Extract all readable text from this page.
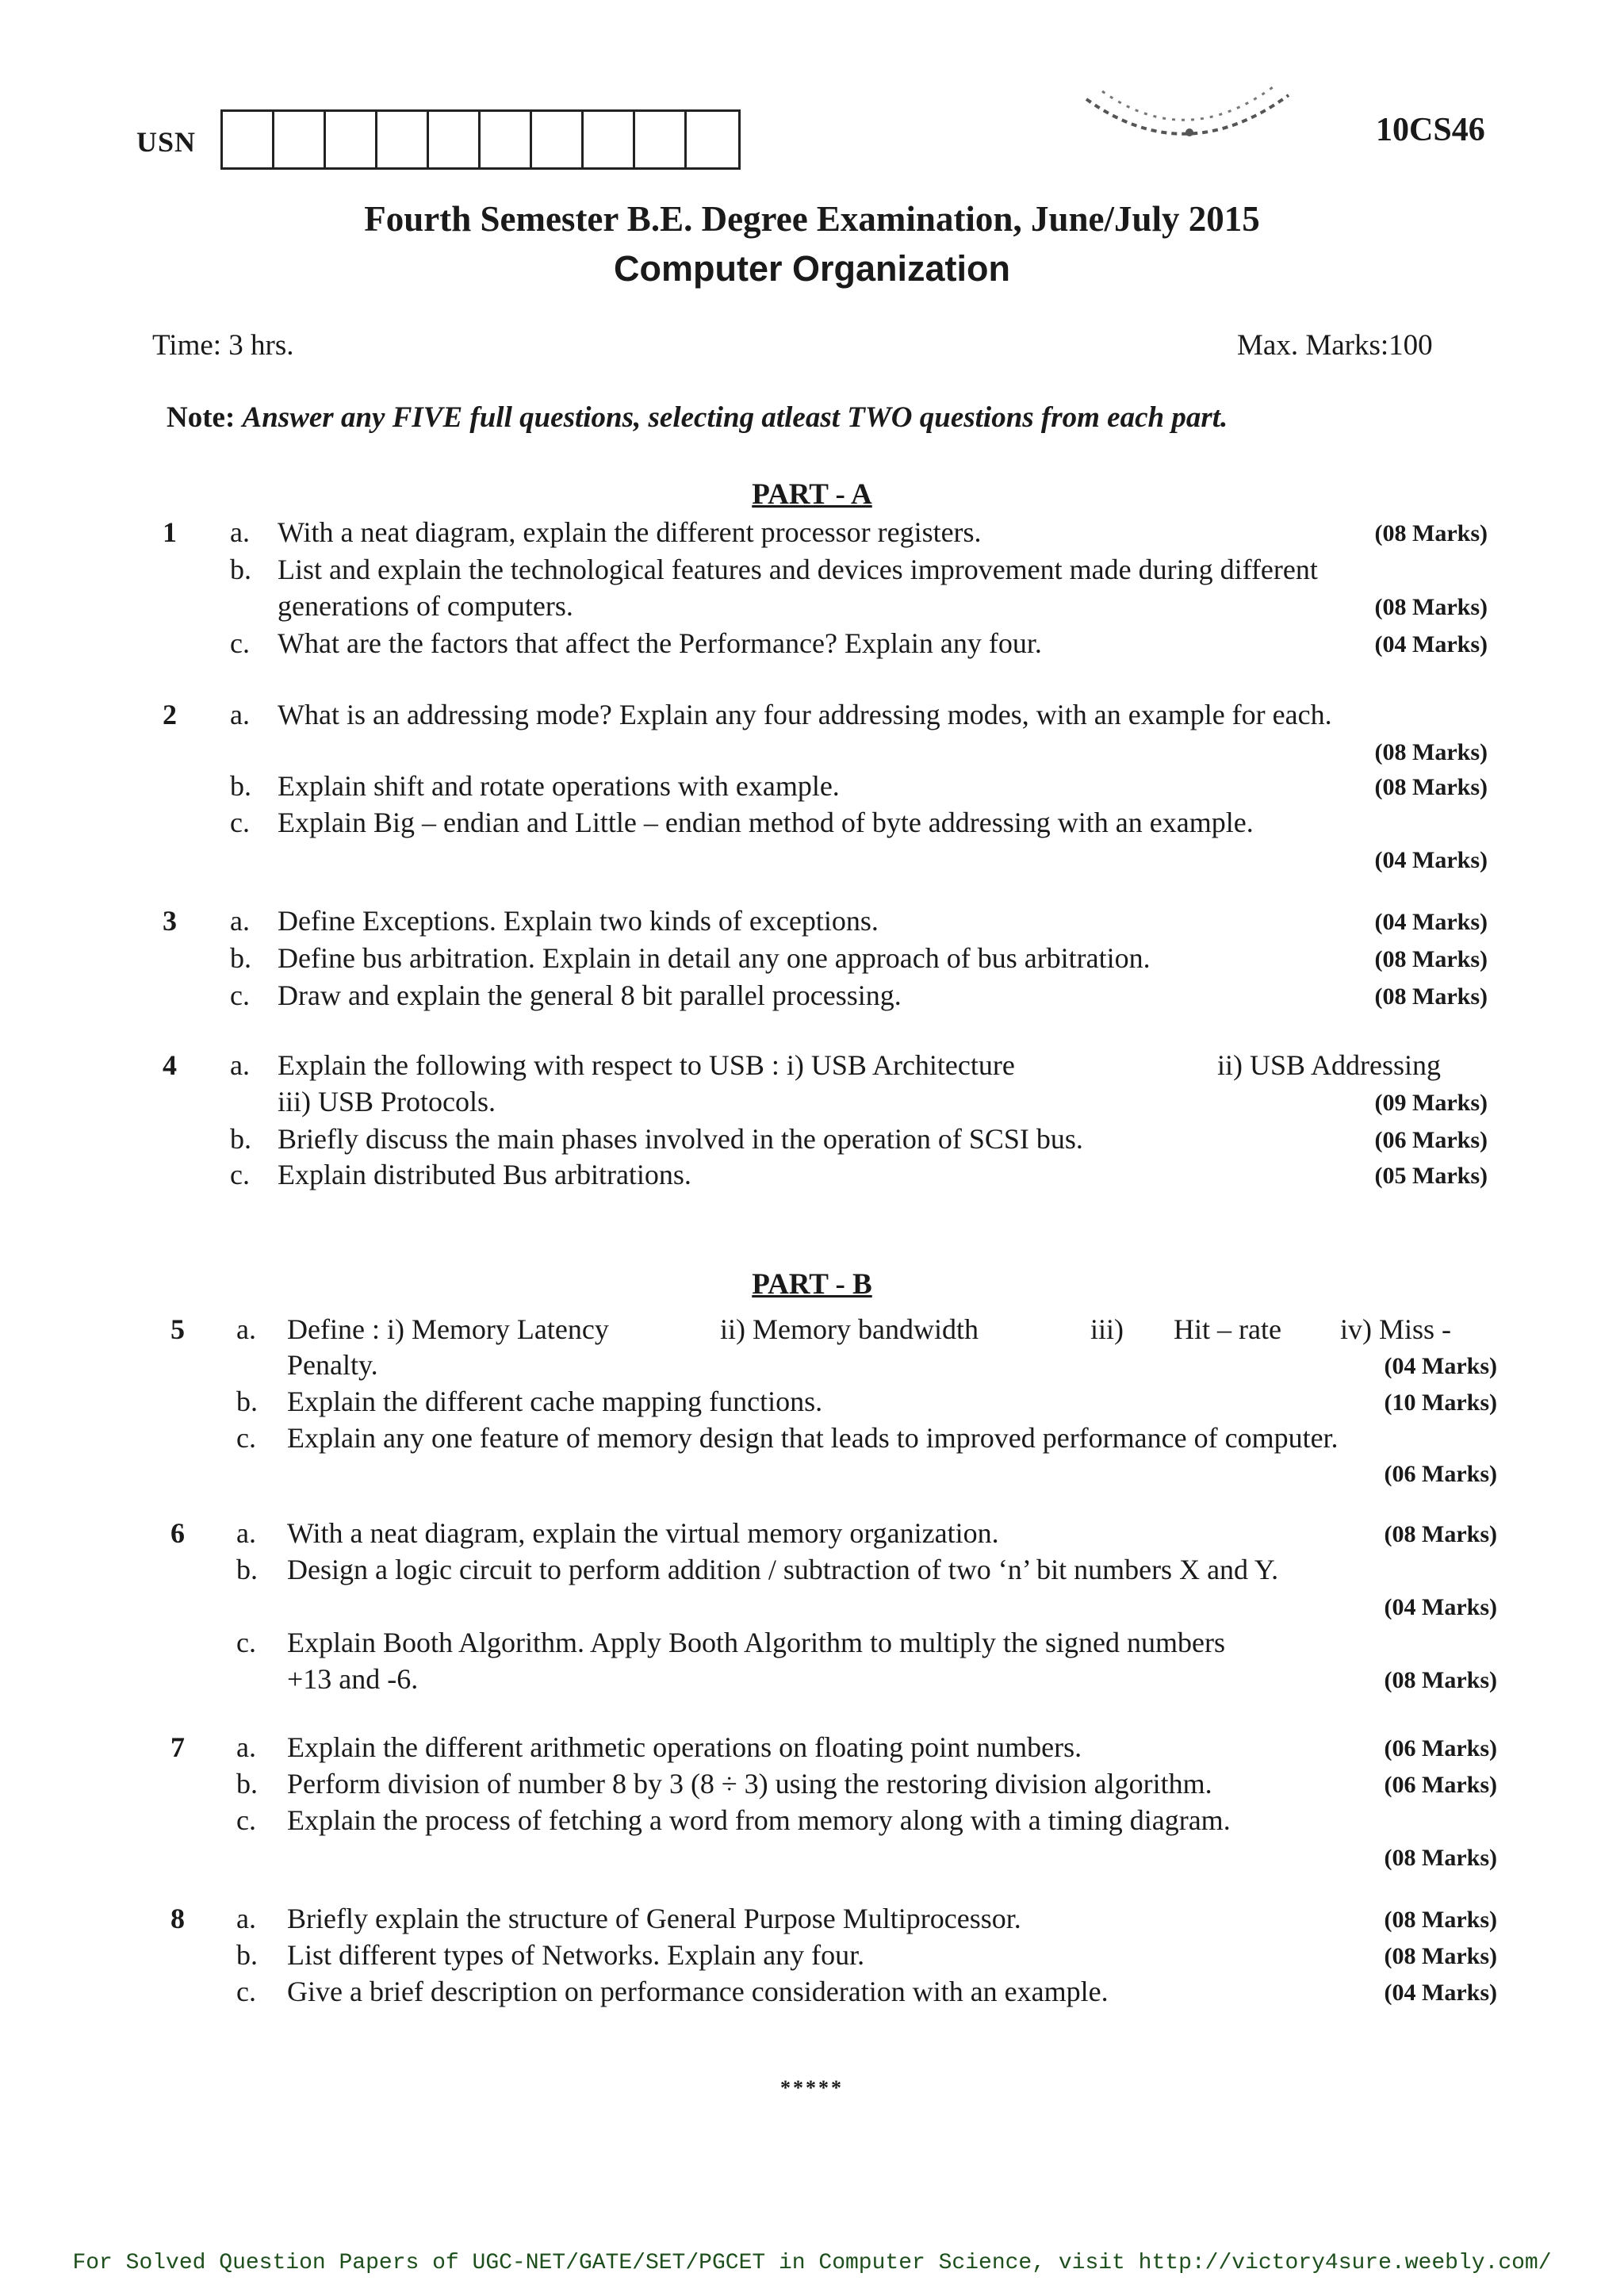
USN	10CS46
Fourth Semester B.E. Degree Examination, June/July 2015
Computer Organization
Time: 3 hrs.	Max. Marks:100
Note: Answer any FIVE full questions, selecting atleast TWO questions from each part.
PART - A
1 a. With a neat diagram, explain the different processor registers.	(08 Marks)
b. List and explain the technological features and devices improvement made during different
generations of computers.	(08 Marks)
c. What are the factors that affect the Performance? Explain any four.	(04 Marks)
2 a. What is an addressing mode? Explain any four addressing modes, with an example for each.
(08 Marks)
b. Explain shift and rotate operations with example.	(08 Marks)
c. Explain Big – endian and Little – endian method of byte addressing with an example.
(04 Marks)
3 a. Define Exceptions. Explain two kinds of exceptions.	(04 Marks)
b. Define bus arbitration. Explain in detail any one approach of bus arbitration.	(08 Marks)
c. Draw and explain the general 8 bit parallel processing.	(08 Marks)
4 a. Explain the following with respect to USB : i) USB Architecture	ii) USB Addressing
iii) USB Protocols.	(09 Marks)
b. Briefly discuss the main phases involved in the operation of SCSI bus.	(06 Marks)
c. Explain distributed Bus arbitrations.	(05 Marks)
PART - B
5 a. Define : i) Memory Latency	ii) Memory bandwidth	iii) Hit – rate iv) Miss -
Penalty.	(04 Marks)
b. Explain the different cache mapping functions.	(10 Marks)
c. Explain any one feature of memory design that leads to improved performance of computer.
(06 Marks)
6 a. With a neat diagram, explain the virtual memory organization.	(08 Marks)
b. Design a logic circuit to perform addition / subtraction of two ‘n’ bit numbers X and Y.
(04 Marks)
c. Explain Booth Algorithm. Apply Booth Algorithm to multiply the signed numbers
+13 and -6.	(08 Marks)
7 a. Explain the different arithmetic operations on floating point numbers.	(06 Marks)
b. Perform division of number 8 by 3 (8 ÷ 3) using the restoring division algorithm.	(06 Marks)
c. Explain the process of fetching a word from memory along with a timing diagram.
(08 Marks)
8 a. Briefly explain the structure of General Purpose Multiprocessor.	(08 Marks)
b. List different types of Networks. Explain any four.	(08 Marks)
c. Give a brief description on performance consideration with an example.	(04 Marks)
*****
For Solved Question Papers of UGC-NET/GATE/SET/PGCET in Computer Science, visit http://victory4sure.weebly.com/
